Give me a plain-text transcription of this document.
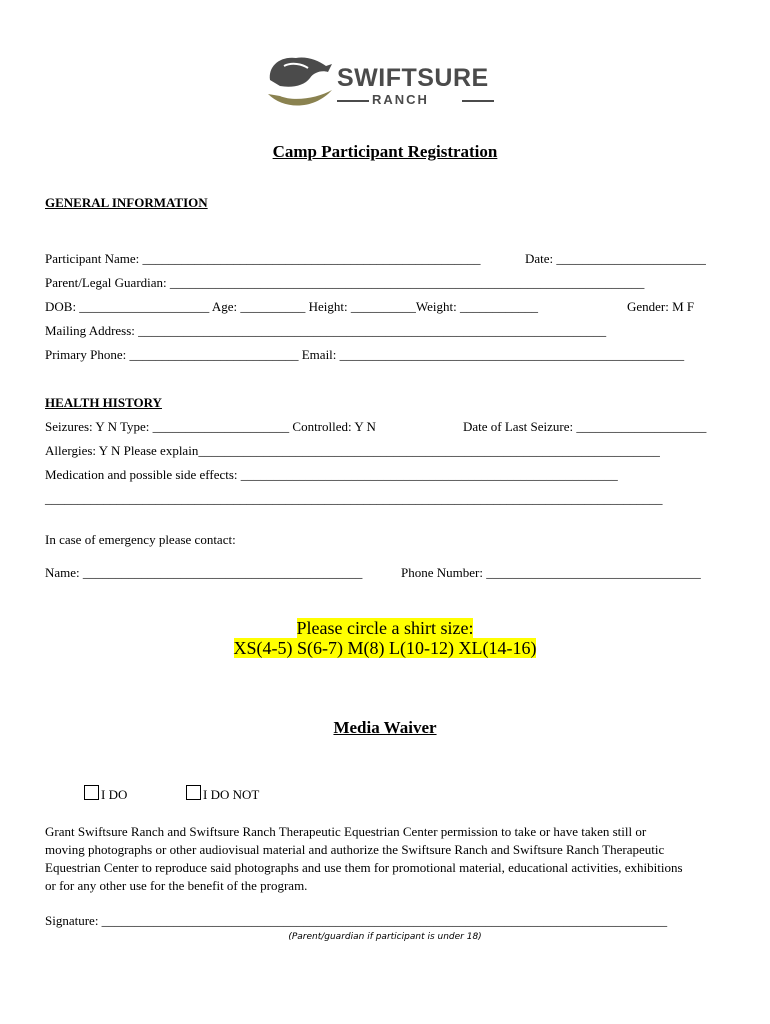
SWIFTSURE
RANCH
Camp Participant Registration
GENERAL INFORMATION
Participant Name: ____________________________________________________	Date: _______________________
Parent/Legal Guardian: _________________________________________________________________________
DOB: ____________________ Age: __________ Height: __________Weight: ____________	Gender: M F
Mailing Address: ________________________________________________________________________
Primary Phone: __________________________ Email: _____________________________________________________
HEALTH HISTORY
Seizures: Y N Type: _____________________ Controlled: Y N	Date of Last Seizure: ____________________
Allergies: Y N Please explain_______________________________________________________________________
Medication and possible side effects: __________________________________________________________
_______________________________________________________________________________________________
In case of emergency please contact:
Name: ___________________________________________	Phone Number: _________________________________
Please circle a shirt size:
XS(4-5) S(6-7) M(8) L(10-12) XL(14-16)
Media Waiver
I DO	I DO NOT
Grant Swiftsure Ranch and Swiftsure Ranch Therapeutic Equestrian Center permission to take or have taken still or
moving photographs or other audiovisual material and authorize the Swiftsure Ranch and Swiftsure Ranch Therapeutic
Equestrian Center to reproduce said photographs and use them for promotional material, educational activities, exhibitions
or for any other use for the benefit of the program.
Signature: _______________________________________________________________________________________
(Parent/guardian if participant is under 18)
